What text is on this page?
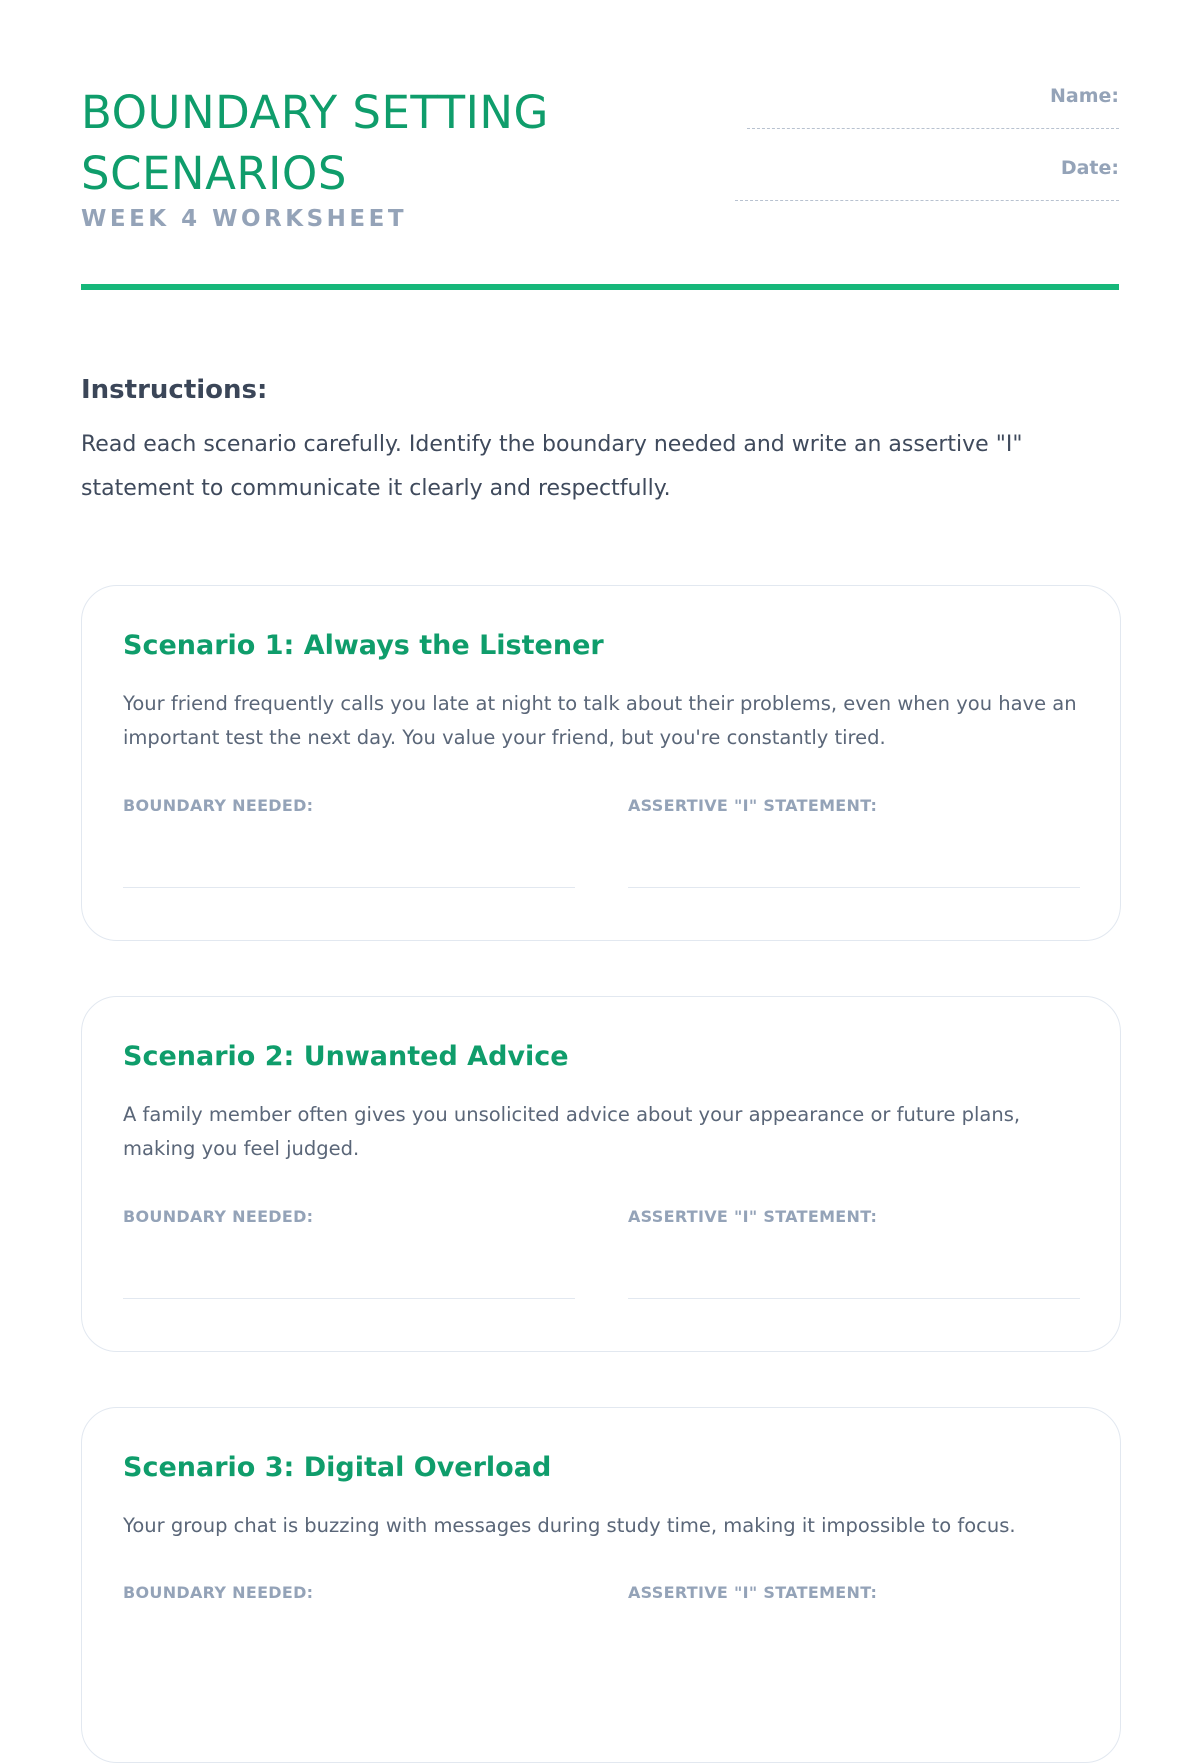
BOUNDARY SETTING SCENARIOS
WEEK 4 WORKSHEET
Name:
Date:
Instructions:

Read each scenario carefully. Identify the boundary needed and write an assertive "I" statement to communicate it clearly and respectfully.

Scenario 1: Always the Listener

Your friend frequently calls you late at night to talk about their problems, even when you have an important test the next day. You value your friend, but you're constantly tired.

BOUNDARY NEEDED:	ASSERTIVE "I" STATEMENT:
Scenario 2: Unwanted Advice

A family member often gives you unsolicited advice about your appearance or future plans, making you feel judged.

BOUNDARY NEEDED:	ASSERTIVE "I" STATEMENT:
Scenario 3: Digital Overload

Your group chat is buzzing with messages during study time, making it impossible to focus.

BOUNDARY NEEDED:	ASSERTIVE "I" STATEMENT:
